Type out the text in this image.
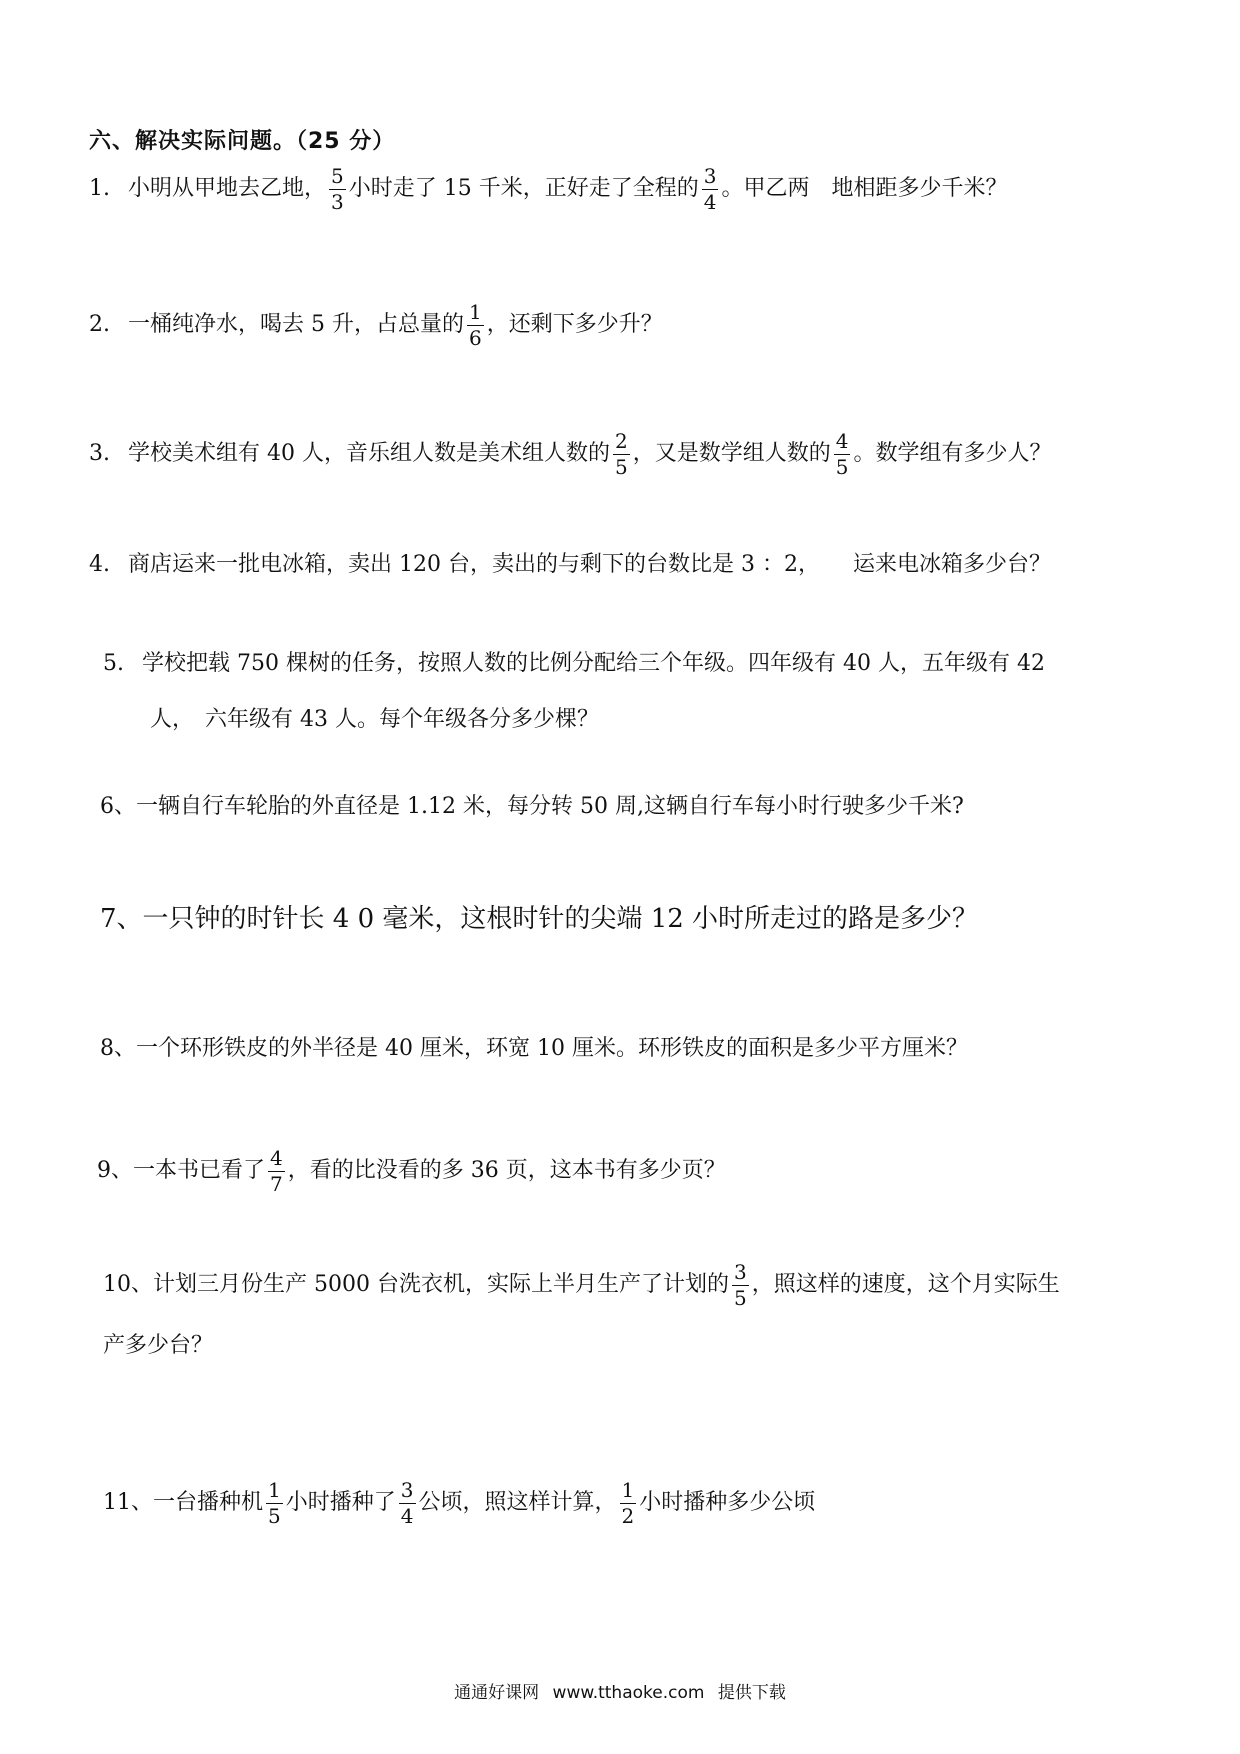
六、解决实际问题。（25 分）
1. 小明从甲地去乙地， $\frac{5}{3}$ 小时走了 15 千米，正好走了全程的 $\frac{3}{4}$ 。甲乙两　地相距多少千米？
2. 一桶纯净水，喝去 5 升，占总量的 $\frac{1}{6}$ ，还剩下多少升？
3. 学校美术组有 40 人，音乐组人数是美术组人数的 $\frac{2}{5}$ ，又是数学组人数的 $\frac{4}{5}$ 。数学组有多少人？
4. 商店运来一批电冰箱，卖出 120 台，卖出的与剩下的台数比是 3 ：2，　　运来电冰箱多少台？
5. 学校把载 750 棵树的任务，按照人数的比例分配给三个年级。四年级有 40 人，五年级有 42
人，　六年级有 43 人。每个年级各分多少棵？
6、 一辆自行车轮胎的外直径是 1.12 米，每分转 50 周,这辆自行车每小时行驶多少千米?
7、 一只钟的时针长 4 0 毫米，这根时针的尖端 12 小时所走过的路是多少？
8、 一个环形铁皮的外半径是 40 厘米，环宽 10 厘米。环形铁皮的面积是多少平方厘米？
9、 一本书已看了 $\frac{4}{7}$ ，看的比没看的多 36 页，这本书有多少页？
10、 计划三月份生产 5000 台洗衣机，实际上半月生产了计划的 $\frac{3}{5}$ ，照这样的速度，这个月实际生
产多少台？
11、 一台播种机 $\frac{1}{5}$ 小时播种了 $\frac{3}{4}$ 公顷，照这样计算， $\frac{1}{2}$ 小时播种多少公顷
通通好课网 www.tthaoke.com 提供下载
